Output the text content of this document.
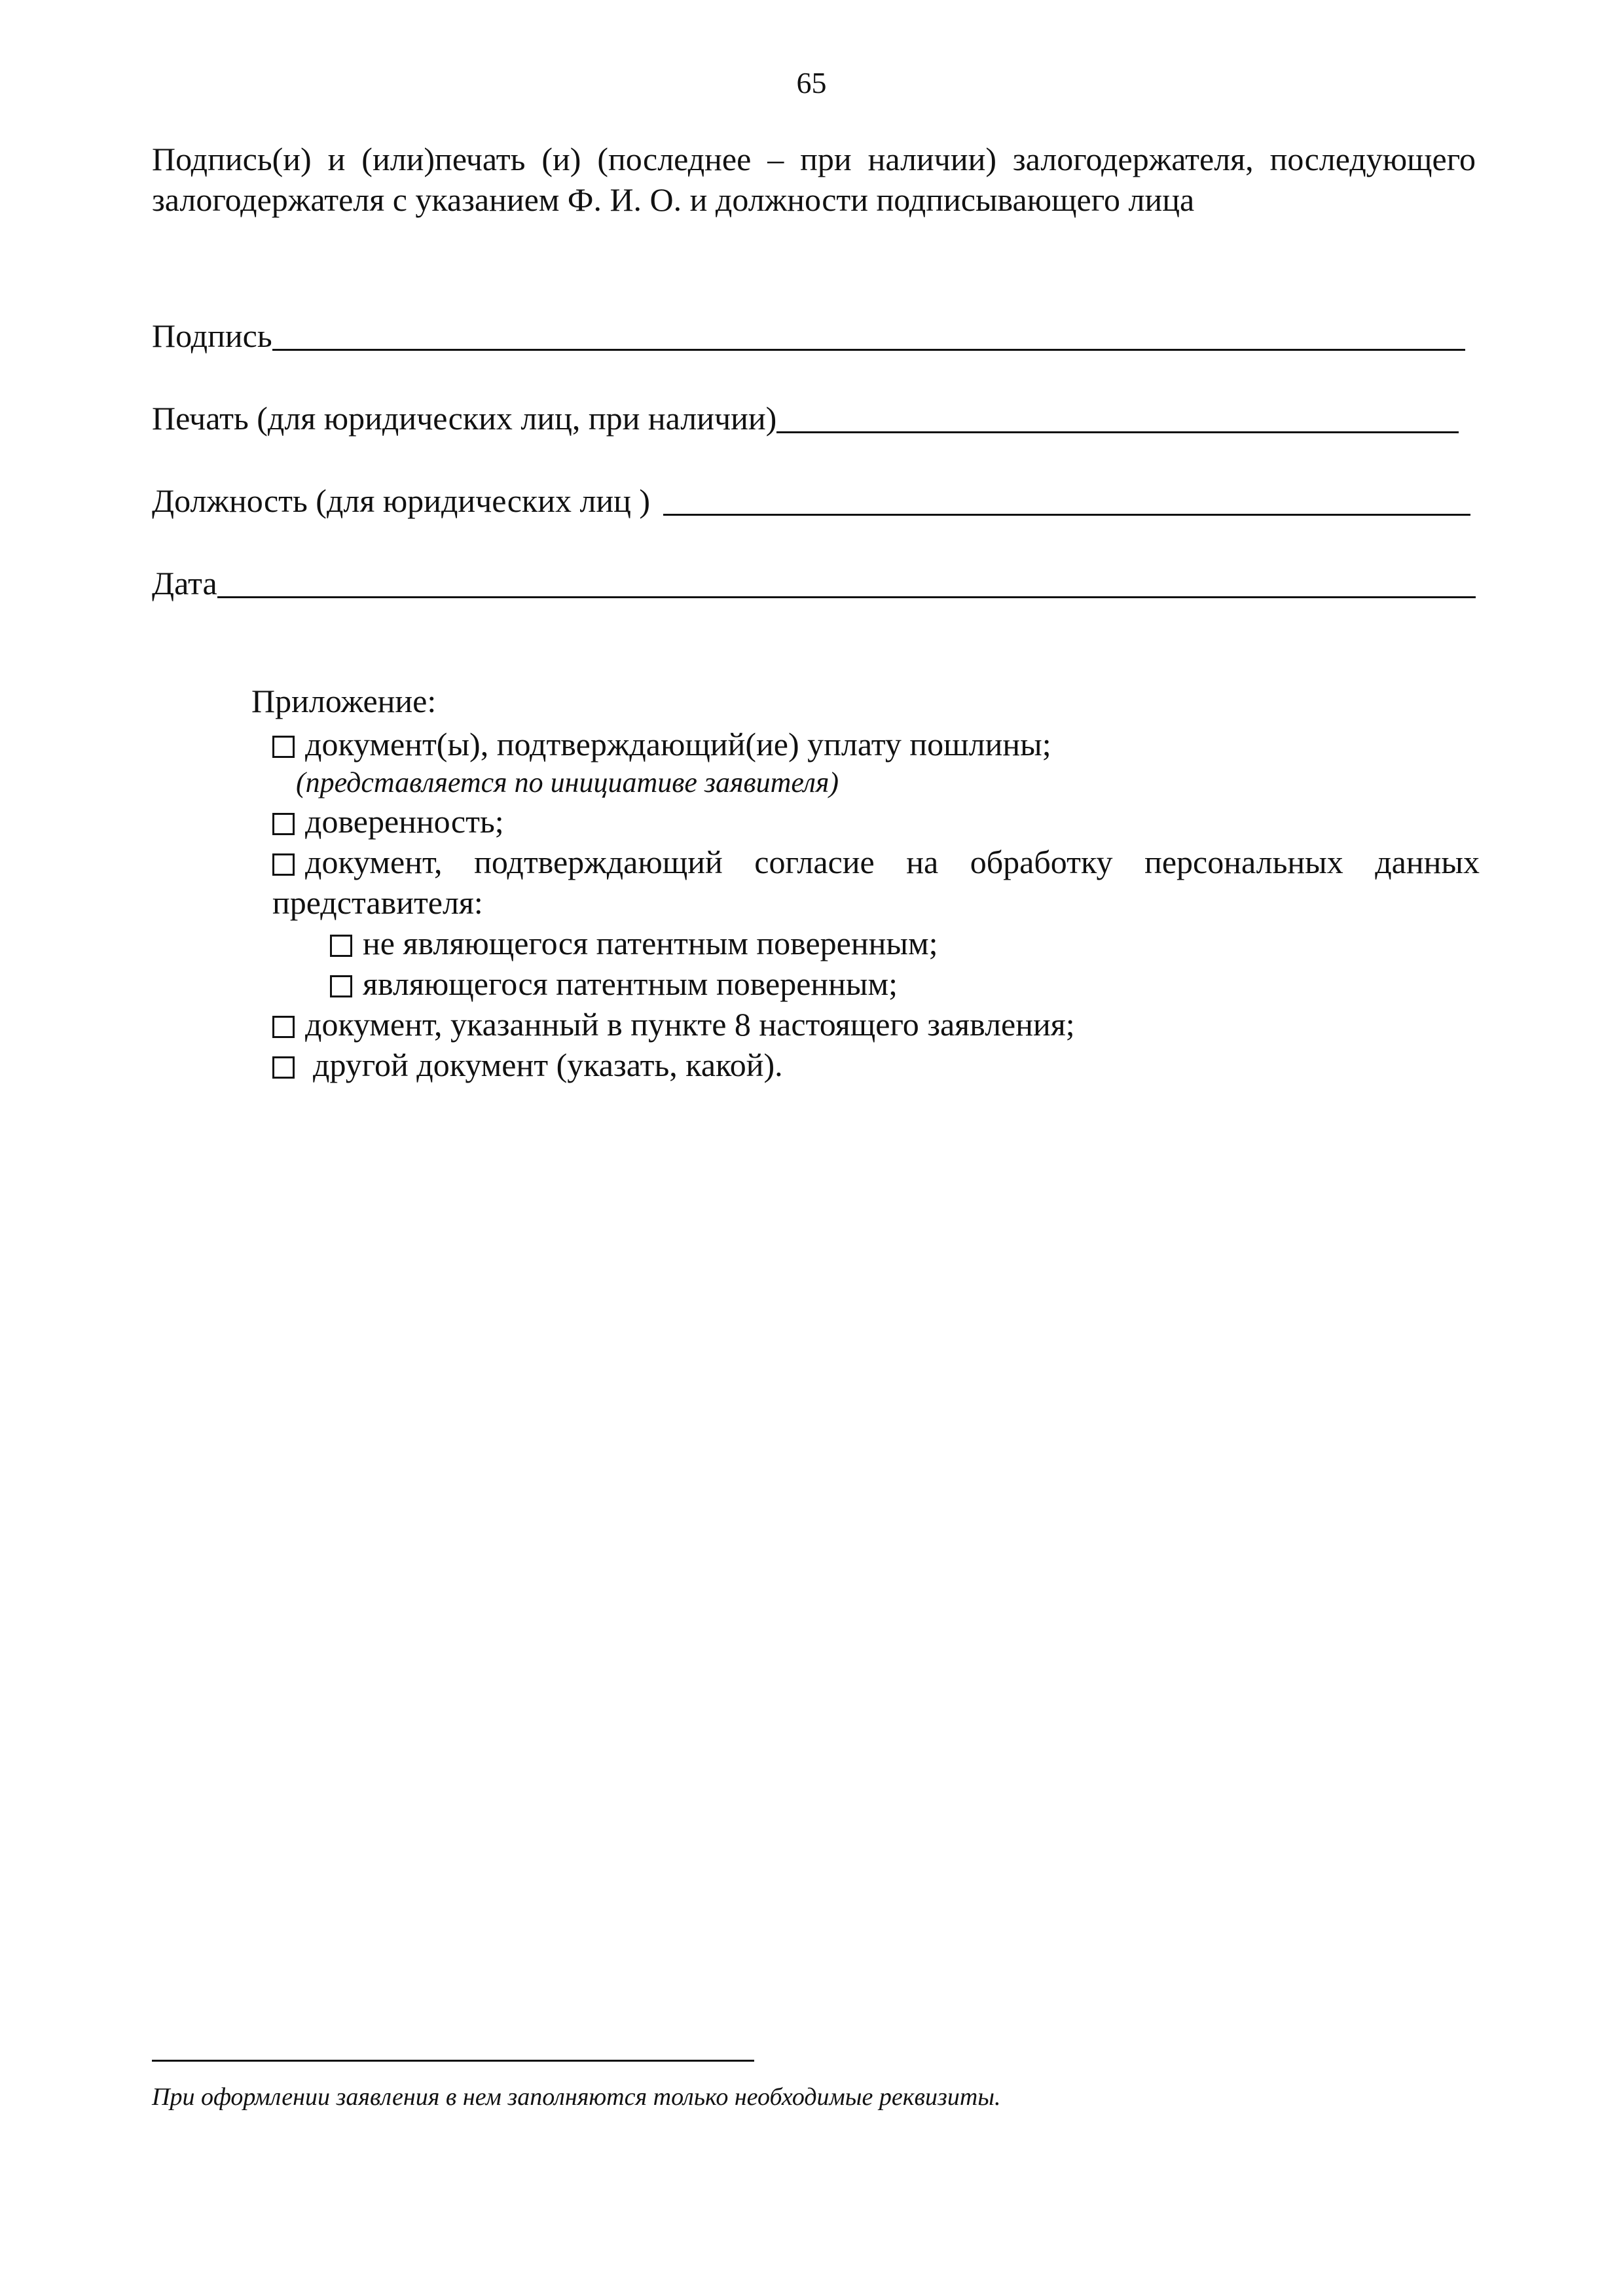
65
Подпись(и) и (или)печать (и) (последнее – при наличии) залогодержателя, последующего залогодержателя с указанием Ф. И. О. и должности подписывающего лица
Подпись
Печать (для юридических лиц, при наличии)
Должность (для юридических лиц )
Дата
Приложение:
документ(ы), подтверждающий(ие) уплату пошлины;
(представляется по инициативе заявителя)
доверенность;
документ, подтверждающий согласие на обработку персональных данных
представителя:
не являющегося патентным поверенным;
являющегося патентным поверенным;
документ, указанный в пункте 8 настоящего заявления;
другой документ (указать, какой).
При оформлении заявления в нем заполняются только необходимые реквизиты.
